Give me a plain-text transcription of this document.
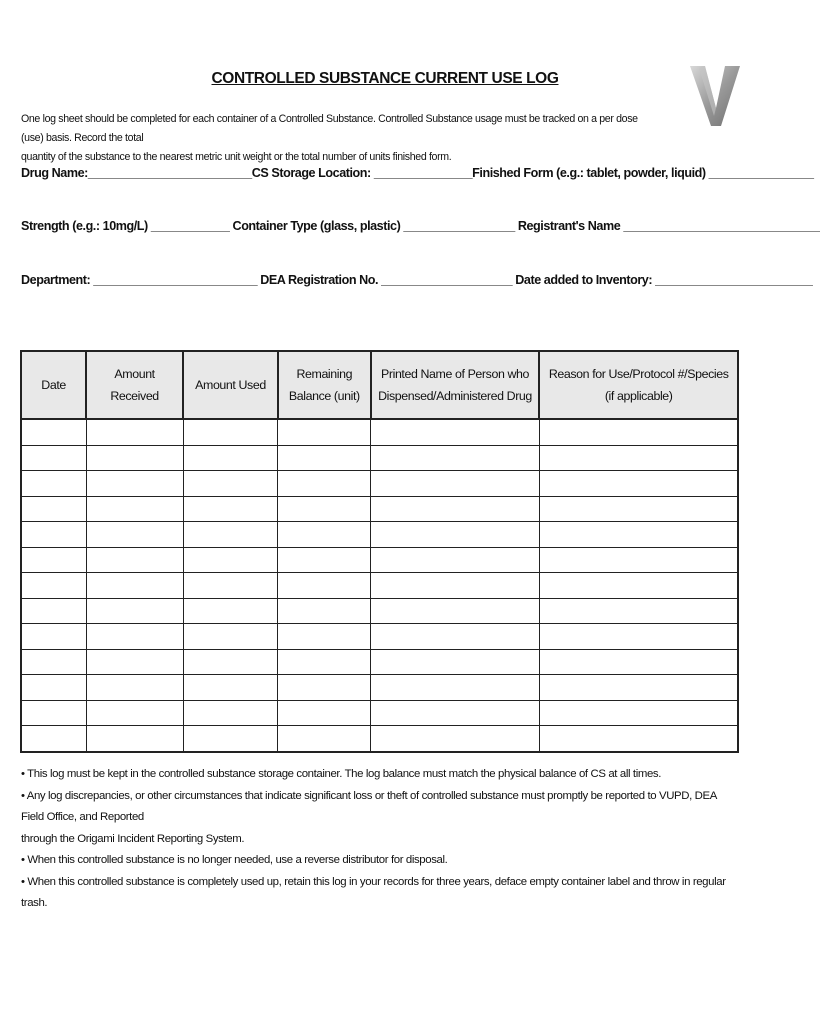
CONTROLLED SUBSTANCE CURRENT USE LOG
One log sheet should be completed for each container of a Controlled Substance. Controlled Substance usage must be tracked on a per dose (use) basis. Record the total
quantity of the substance to the nearest metric unit weight or the total number of units finished form.
Drug Name:_________________________CS Storage Location: _______________Finished Form (e.g.: tablet, powder, liquid) ________________
Strength (e.g.: 10mg/L) ____________ Container Type (glass, plastic) _________________ Registrant's Name ______________________________
Department: _________________________ DEA Registration No. ____________________ Date added to Inventory: ________________________
Date	Amount Received	Amount Used	Remaining Balance (unit)	Printed Name of Person who Dispensed/Administered Drug	Reason for Use/Protocol #/Species (if applicable)

• This log must be kept in the controlled substance storage container. The log balance must match the physical balance of CS at all times.

• Any log discrepancies, or other circumstances that indicate significant loss or theft of controlled substance must promptly be reported to VUPD, DEA Field Office, and Reported

through the Origami Incident Reporting System.

• When this controlled substance is no longer needed, use a reverse distributor for disposal.

• When this controlled substance is completely used up, retain this log in your records for three years, deface empty container label and throw in regular trash.
